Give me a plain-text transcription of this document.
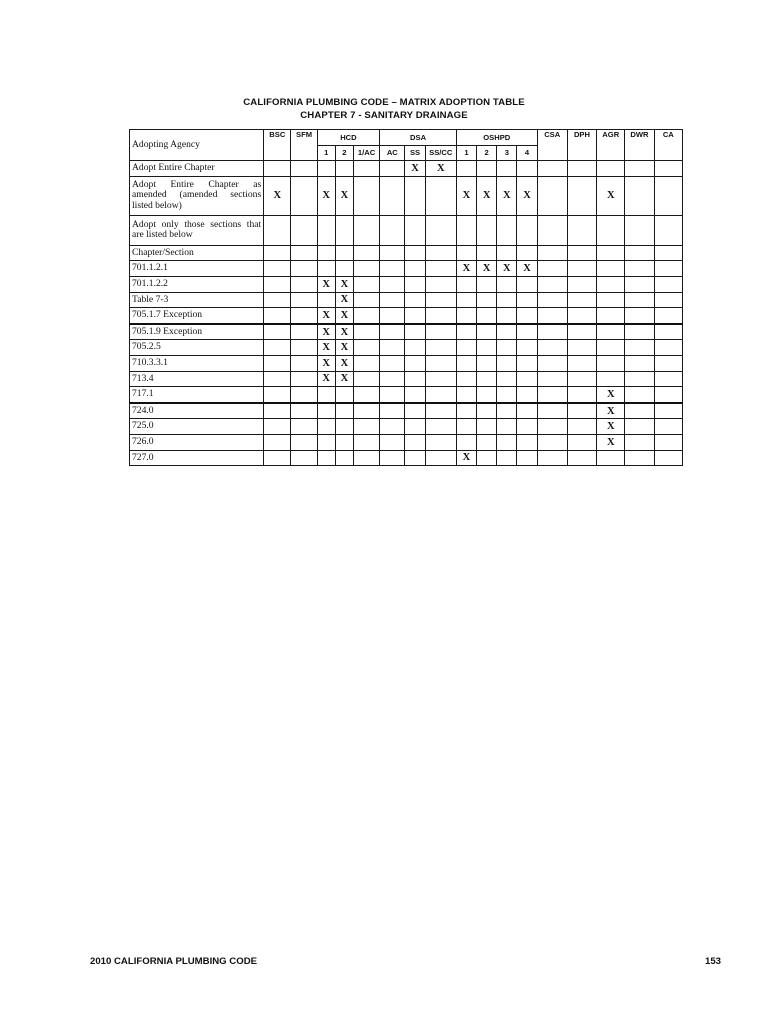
CALIFORNIA PLUMBING CODE – MATRIX ADOPTION TABLE
CHAPTER 7 - SANITARY DRAINAGE
Adopting Agency	BSC	SFM	HCD			DSA			OSHPD				CSA	DPH	AGR	DWR	CA
			1	2	1/AC	AC	SS	SS/CC	1	2	3	4					
Adopt Entire Chapter							X	X									
Adopt Entire Chapter as amended (amended sections listed below)	X		X	X					X	X	X	X			X		
Adopt only those sections that are listed below																	
Chapter/Section																	
701.1.2.1									X	X	X	X					
701.1.2.2			X	X													
Table 7-3				X													
705.1.7 Exception			X	X													
705.1.9 Exception			X	X													
705.2.5			X	X													
710.3.3.1			X	X													
713.4			X	X													
717.1															X		
724.0															X		
725.0															X		
726.0															X		
727.0									X								
2010 CALIFORNIA PLUMBING CODE	153
